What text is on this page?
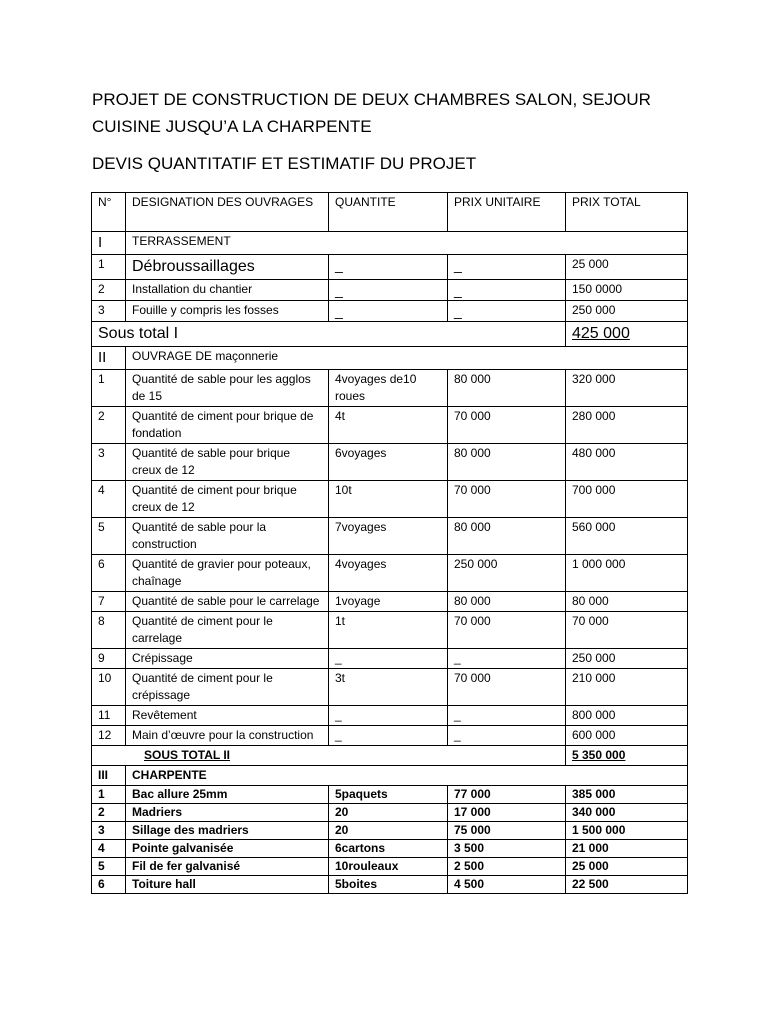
PROJET DE CONSTRUCTION DE DEUX CHAMBRES SALON, SEJOUR CUISINE JUSQU’A LA CHARPENTE
DEVIS QUANTITATIF ET ESTIMATIF DU PROJET
N°	DESIGNATION DES OUVRAGES	QUANTITE	PRIX UNITAIRE	PRIX TOTAL
I	TERRASSEMENT			
1	Débroussaillages	_	_	25 000
2	Installation du chantier	_	_	150 0000
3	Fouille y compris les fosses	_	_	250 000
Sous total I				425 000
II	OUVRAGE DE maçonnerie			
1	Quantité de sable pour les agglos de 15	4voyages de10 roues	80 000	320 000
2	Quantité de ciment pour brique de fondation	4t	70 000	280 000
3	Quantité de sable pour brique creux de 12	6voyages	80 000	480 000
4	Quantité de ciment pour brique creux de 12	10t	70 000	700 000
5	Quantité de sable pour la construction	7voyages	80 000	560 000
6	Quantité de gravier pour poteaux, chaînage	4voyages	250 000	1 000 000
7	Quantité de sable pour le carrelage	1voyage	80 000	80 000
8	Quantité de ciment pour le carrelage	1t	70 000	70 000
9	Crépissage	_	_	250 000
10	Quantité de ciment pour le crépissage	3t	70 000	210 000
11	Revêtement	_	_	800 000
12	Main d’œuvre pour la construction	_	_	600 000
SOUS TOTAL II				5 350 000
III	CHARPENTE			
1	Bac allure 25mm	5paquets	77 000	385 000
2	Madriers	20	17 000	340 000
3	Sillage des madriers	20	75 000	1 500 000
4	Pointe galvanisée	6cartons	3 500	21 000
5	Fil de fer galvanisé	10rouleaux	2 500	25 000
6	Toiture hall	5boites	4 500	22 500
